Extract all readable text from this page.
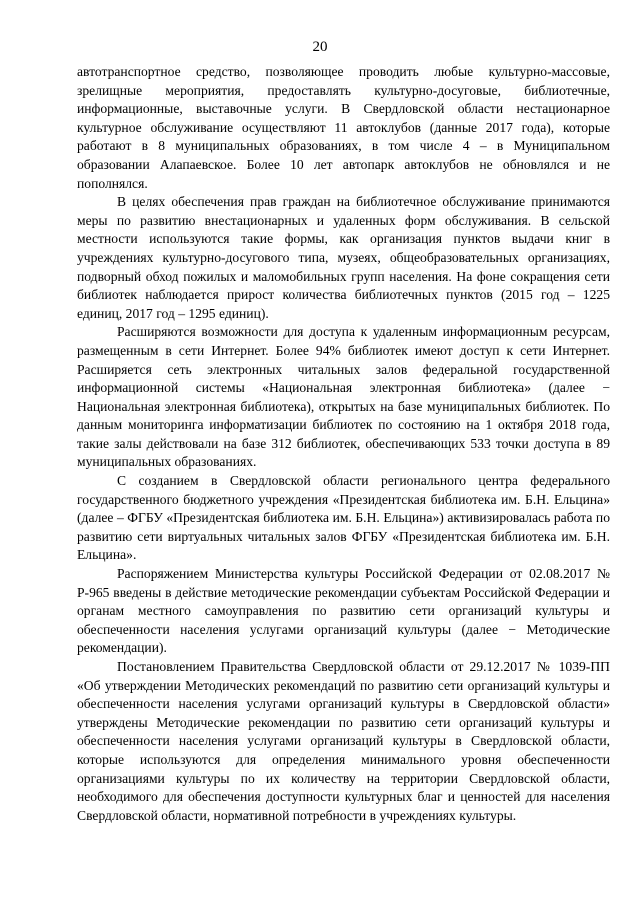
20

автотранспортное средство, позволяющее проводить любые культурно-массовые, зрелищные мероприятия, предоставлять культурно-досуговые, библиотечные, информационные, выставочные услуги. В Свердловской области нестационарное культурное обслуживание осуществляют 11 автоклубов (данные 2017 года), которые работают в 8 муниципальных образованиях, в том числе 4 – в Муниципальном образовании Алапаевское. Более 10 лет автопарк автоклубов не обновлялся и не пополнялся.

В целях обеспечения прав граждан на библиотечное обслуживание принимаются меры по развитию внестационарных и удаленных форм обслуживания. В сельской местности используются такие формы, как организация пунктов выдачи книг в учреждениях культурно-досугового типа, музеях, общеобразовательных организациях, подворный обход пожилых и маломобильных групп населения. На фоне сокращения сети библиотек наблюдается прирост количества библиотечных пунктов (2015 год – 1225 единиц, 2017 год – 1295 единиц).

Расширяются возможности для доступа к удаленным информационным ресурсам, размещенным в сети Интернет. Более 94% библиотек имеют доступ к сети Интернет. Расширяется сеть электронных читальных залов федеральной государственной информационной системы «Национальная электронная библиотека» (далее − Национальная электронная библиотека), открытых на базе муниципальных библиотек. По данным мониторинга информатизации библиотек по состоянию на 1 октября 2018 года, такие залы действовали на базе 312 библиотек, обеспечивающих 533 точки доступа в 89 муниципальных образованиях.

С созданием в Свердловской области регионального центра федерального государственного бюджетного учреждения «Президентская библиотека им. Б.Н. Ельцина» (далее – ФГБУ «Президентская библиотека им. Б.Н. Ельцина») активизировалась работа по развитию сети виртуальных читальных залов ФГБУ «Президентская библиотека им. Б.Н. Ельцина».

Распоряжением Министерства культуры Российской Федерации от 02.08.2017 № Р-965 введены в действие методические рекомендации субъектам Российской Федерации и органам местного самоуправления по развитию сети организаций культуры и обеспеченности населения услугами организаций культуры (далее − Методические рекомендации).

Постановлением Правительства Свердловской области от 29.12.2017 № 1039-ПП «Об утверждении Методических рекомендаций по развитию сети организаций культуры и обеспеченности населения услугами организаций культуры в Свердловской области» утверждены Методические рекомендации по развитию сети организаций культуры и обеспеченности населения услугами организаций культуры в Свердловской области, которые используются для определения минимального уровня обеспеченности организациями культуры по их количеству на территории Свердловской области, необходимого для обеспечения доступности культурных благ и ценностей для населения Свердловской области, нормативной потребности в учреждениях культуры.
